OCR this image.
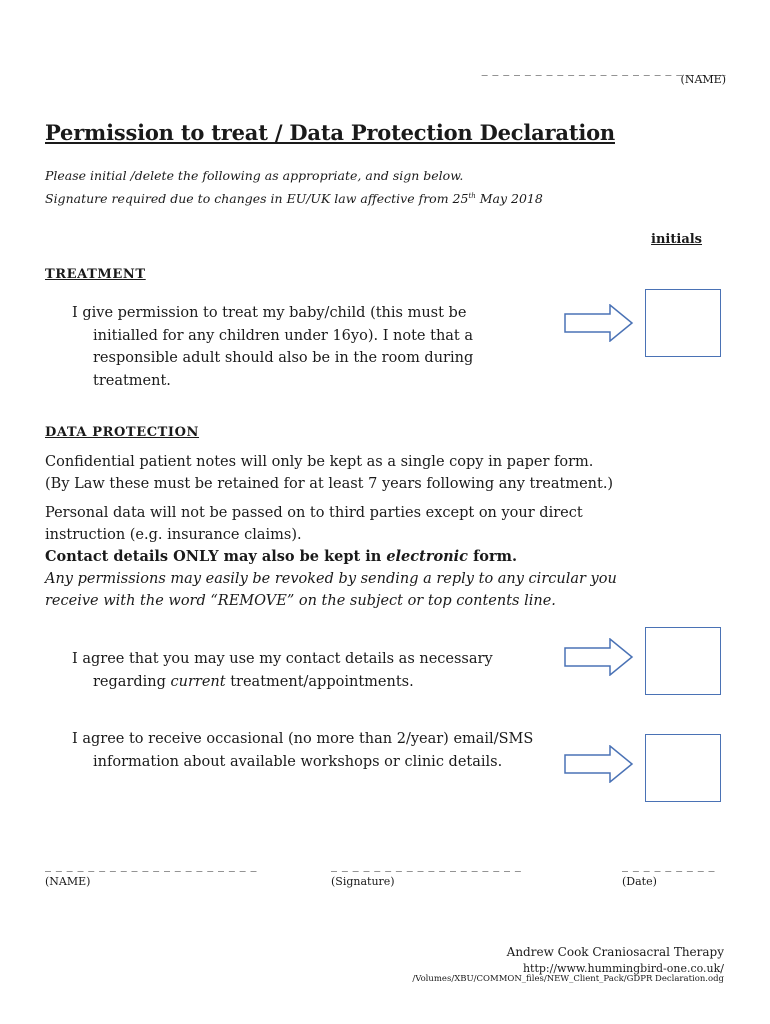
_ _ _ _ _ _ _ _ _ _ _ _ _ _ _ _ _ _ _ _ _ _ _
(NAME)
Permission to treat / Data Protection Declaration
Please initial /delete the following as appropriate, and sign below.
Signature required due to changes in EU/UK law affective from 25th May 2018
initials
TREATMENT
I give permission to treat my baby/child (this must be
initialled for any children under 16yo). I note that a
responsible adult should also be in the room during
treatment.
DATA PROTECTION
Confidential patient notes will only be kept as a single copy in paper form.
(By Law these must be retained for at least 7 years following any treatment.)
Personal data will not be passed on to third parties except on your direct
instruction (e.g. insurance claims).
Contact details ONLY may also be kept in electronic form.
Any permissions may easily be revoked by sending a reply to any circular you
receive with the word “REMOVE” on the subject or top contents line.
I agree that you may use my contact details as necessary
regarding current treatment/appointments.
I agree to receive occasional (no more than 2/year) email/SMS
information about available workshops or clinic details.
_ _ _ _ _ _ _ _ _ _ _ _ _ _ _ _ _ _ _ _
(NAME)
_ _ _ _ _ _ _ _ _ _ _ _ _ _ _ _ _ _
(Signature)
_ _ _ _ _ _ _ _ _
(Date)
Andrew Cook Craniosacral Therapy
http://www.hummingbird-one.co.uk/
/Volumes/XBU/COMMON_files/NEW_Client_Pack/GDPR Declaration.odg
